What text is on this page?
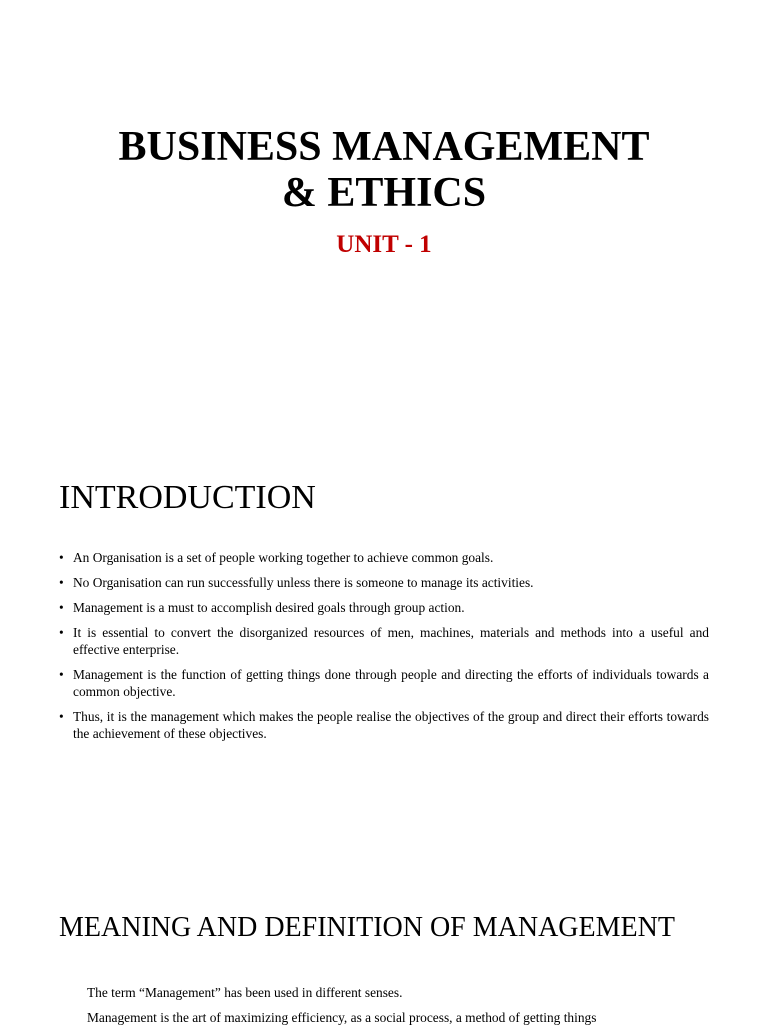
BUSINESS MANAGEMENT
& ETHICS
UNIT - 1
INTRODUCTION
• An Organisation is a set of people working together to achieve common goals.
• No Organisation can run successfully unless there is someone to manage its activities.
• Management is a must to accomplish desired goals through group action.
• It is essential to convert the disorganized resources of men, machines, materials and methods into a useful and effective enterprise.
• Management is the function of getting things done through people and directing the efforts of individuals towards a common objective.
• Thus, it is the management which makes the people realise the objectives of the group and direct their efforts towards the achievement of these objectives.
MEANING AND DEFINITION OF MANAGEMENT
The term “Management” has been used in different senses.
Management is the art of maximizing efficiency, as a social process, a method of getting things
